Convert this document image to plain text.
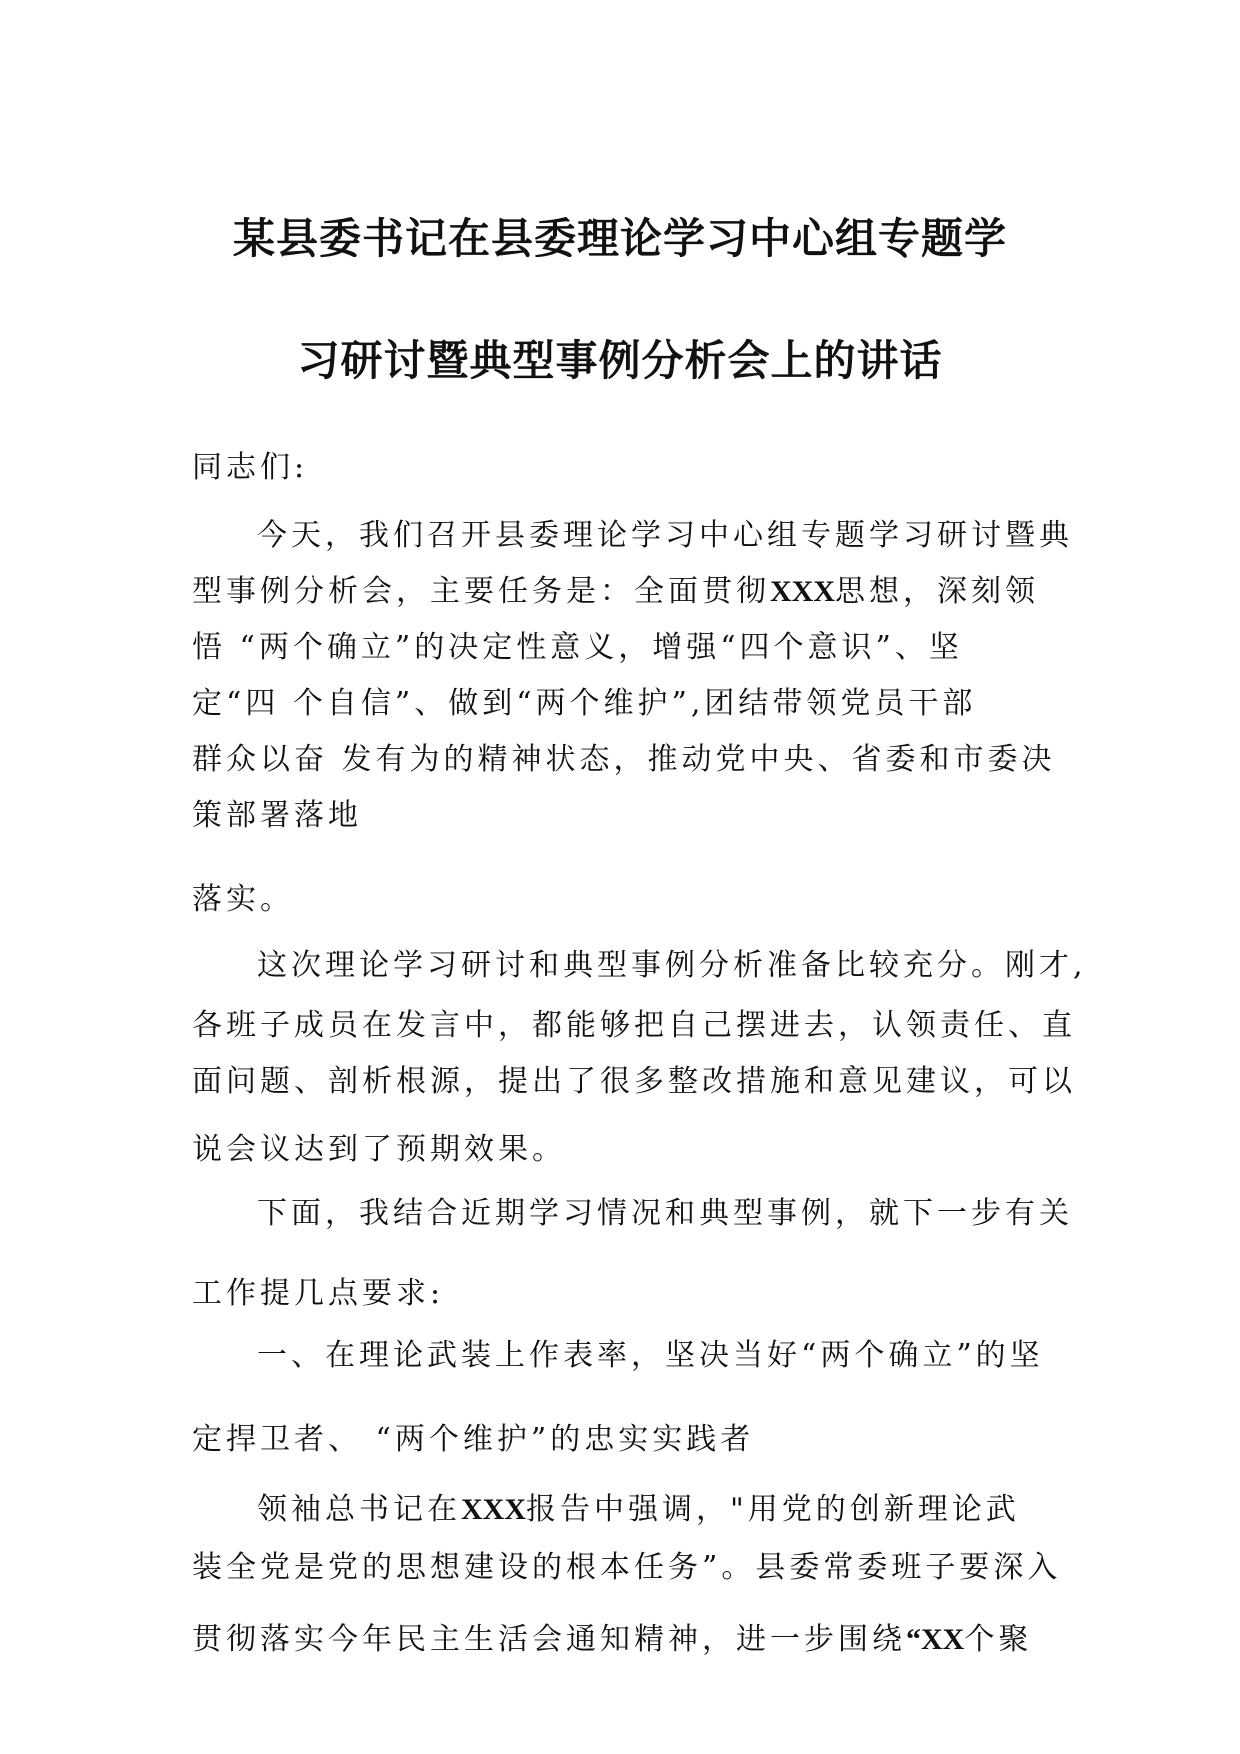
某县委书记在县委理论学习中心组专题学
习研讨暨典型事例分析会上的讲话
同志们:
今天，我们召开县委理论学习中心组专题学习研讨暨典
型事例分析会，主要任务是：全面贯彻XXX思想，深刻领
悟 “两个确立”的决定性意义，增强“四个意识”、坚
定“四 个自信”、做到“两个维护”,团结带领党员干部
群众以奋 发有为的精神状态，推动党中央、省委和市委决
策部署落地
落实。
这次理论学习研讨和典型事例分析准备比较充分。刚才,
各班子成员在发言中，都能够把自己摆进去，认领责任、直
面问题、剖析根源，提出了很多整改措施和意见建议，可以
说会议达到了预期效果。
下面，我结合近期学习情况和典型事例，就下一步有关
工作提几点要求:
一、在理论武装上作表率，坚决当好“两个确立”的坚
定捍卫者、 “两个维护”的忠实实践者
领袖总书记在XXX报告中强调，"用党的创新理论武
装全党是党的思想建设的根本任务”。县委常委班子要深入
贯彻落实今年民主生活会通知精神，进一步围绕“XX个聚
